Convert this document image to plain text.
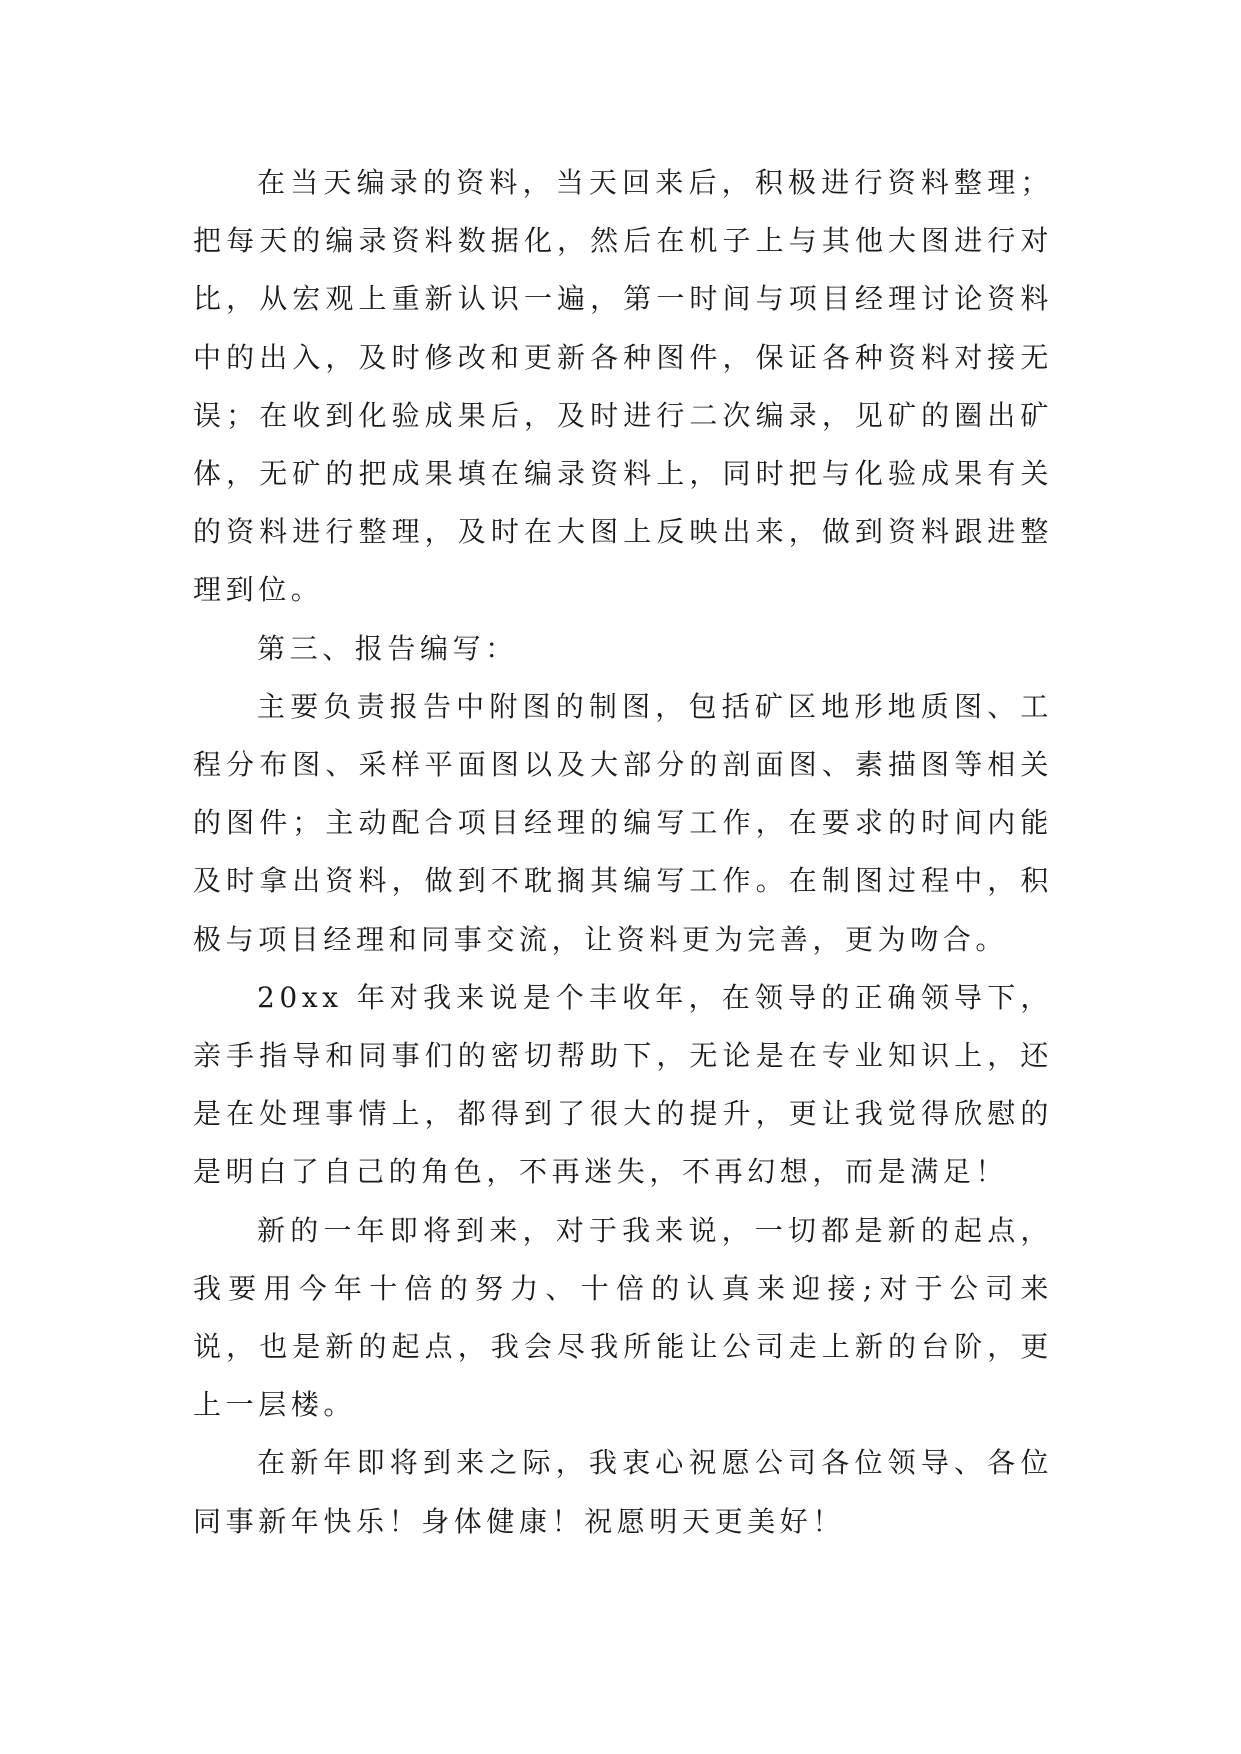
在当天编录的资料，当天回来后，积极进行资料整理；把每天的编录资料数据化，然后在机子上与其他大图进行对比，从宏观上重新认识一遍，第一时间与项目经理讨论资料中的出入，及时修改和更新各种图件，保证各种资料对接无误；在收到化验成果后，及时进行二次编录，见矿的圈出矿体，无矿的把成果填在编录资料上，同时把与化验成果有关的资料进行整理，及时在大图上反映出来，做到资料跟进整理到位。

第三、报告编写：

主要负责报告中附图的制图，包括矿区地形地质图、工程分布图、采样平面图以及大部分的剖面图、素描图等相关的图件；主动配合项目经理的编写工作，在要求的时间内能及时拿出资料，做到不耽搁其编写工作。在制图过程中，积极与项目经理和同事交流，让资料更为完善，更为吻合。

20xx 年对我来说是个丰收年，在领导的正确领导下，亲手指导和同事们的密切帮助下，无论是在专业知识上，还是在处理事情上，都得到了很大的提升，更让我觉得欣慰的是明白了自己的角色，不再迷失，不再幻想，而是满足！

新的一年即将到来，对于我来说，一切都是新的起点，我要用今年十倍的努力、十倍的认真来迎接;对于公司来说，也是新的起点，我会尽我所能让公司走上新的台阶，更上一层楼。

在新年即将到来之际，我衷心祝愿公司各位领导、各位同事新年快乐！身体健康！祝愿明天更美好！
